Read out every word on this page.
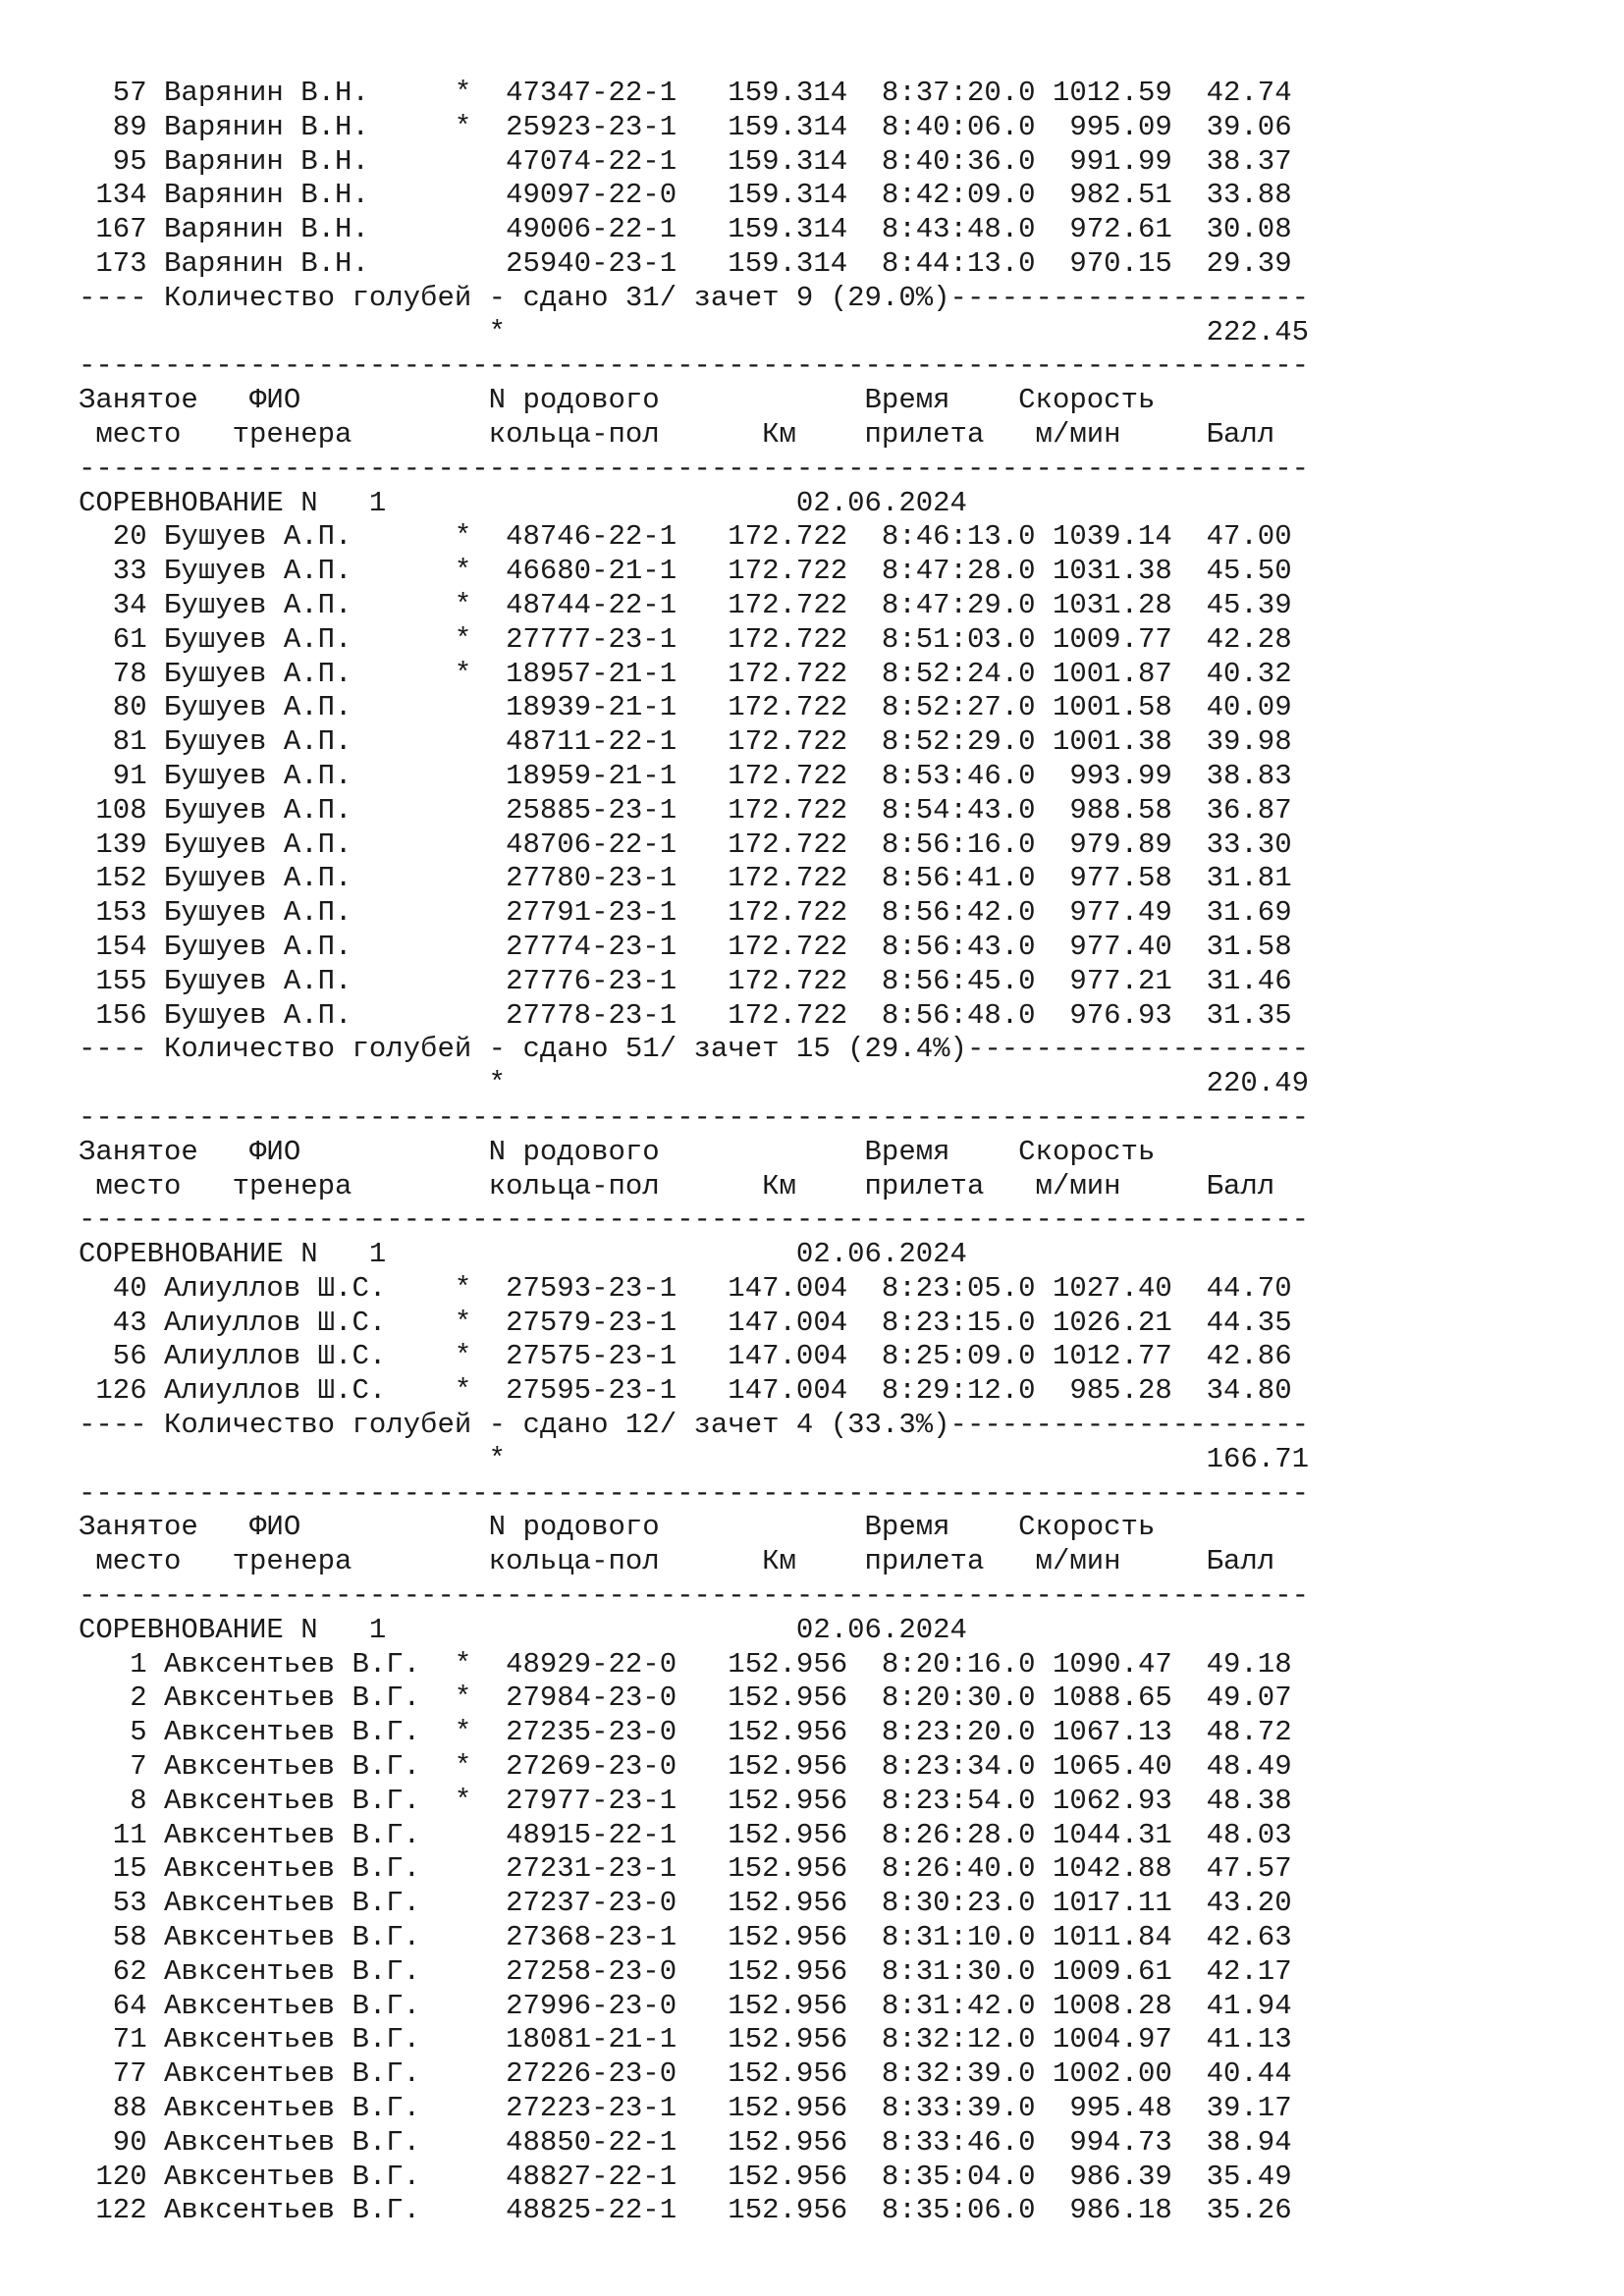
57 Варянин В.Н.     *  47347-22-1   159.314  8:37:20.0 1012.59  42.74
89 Варянин В.Н.     *  25923-23-1   159.314  8:40:06.0  995.09  39.06
95 Варянин В.Н.        47074-22-1   159.314  8:40:36.0  991.99  38.37
134 Варянин В.Н.        49097-22-0   159.314  8:42:09.0  982.51  33.88
167 Варянин В.Н.        49006-22-1   159.314  8:43:48.0  972.61  30.08
173 Варянин В.Н.        25940-23-1   159.314  8:44:13.0  970.15  29.39
---- Количество голубей - сдано 31/ зачет 9 (29.0%)---------------------
*                                         222.45
------------------------------------------------------------------------
Занятое   ФИО           N родового            Время    Скорость
место   тренера        кольца-пол      Км    прилета   м/мин     Балл
------------------------------------------------------------------------
СОРЕВНОВАНИЕ N   1                        02.06.2024
20 Бушуев А.П.      *  48746-22-1   172.722  8:46:13.0 1039.14  47.00
33 Бушуев А.П.      *  46680-21-1   172.722  8:47:28.0 1031.38  45.50
34 Бушуев А.П.      *  48744-22-1   172.722  8:47:29.0 1031.28  45.39
61 Бушуев А.П.      *  27777-23-1   172.722  8:51:03.0 1009.77  42.28
78 Бушуев А.П.      *  18957-21-1   172.722  8:52:24.0 1001.87  40.32
80 Бушуев А.П.         18939-21-1   172.722  8:52:27.0 1001.58  40.09
81 Бушуев А.П.         48711-22-1   172.722  8:52:29.0 1001.38  39.98
91 Бушуев А.П.         18959-21-1   172.722  8:53:46.0  993.99  38.83
108 Бушуев А.П.         25885-23-1   172.722  8:54:43.0  988.58  36.87
139 Бушуев А.П.         48706-22-1   172.722  8:56:16.0  979.89  33.30
152 Бушуев А.П.         27780-23-1   172.722  8:56:41.0  977.58  31.81
153 Бушуев А.П.         27791-23-1   172.722  8:56:42.0  977.49  31.69
154 Бушуев А.П.         27774-23-1   172.722  8:56:43.0  977.40  31.58
155 Бушуев А.П.         27776-23-1   172.722  8:56:45.0  977.21  31.46
156 Бушуев А.П.         27778-23-1   172.722  8:56:48.0  976.93  31.35
---- Количество голубей - сдано 51/ зачет 15 (29.4%)--------------------
*                                         220.49
------------------------------------------------------------------------
Занятое   ФИО           N родового            Время    Скорость
место   тренера        кольца-пол      Км    прилета   м/мин     Балл
------------------------------------------------------------------------
СОРЕВНОВАНИЕ N   1                        02.06.2024
40 Алиуллов Ш.С.    *  27593-23-1   147.004  8:23:05.0 1027.40  44.70
43 Алиуллов Ш.С.    *  27579-23-1   147.004  8:23:15.0 1026.21  44.35
56 Алиуллов Ш.С.    *  27575-23-1   147.004  8:25:09.0 1012.77  42.86
126 Алиуллов Ш.С.    *  27595-23-1   147.004  8:29:12.0  985.28  34.80
---- Количество голубей - сдано 12/ зачет 4 (33.3%)---------------------
*                                         166.71
------------------------------------------------------------------------
Занятое   ФИО           N родового            Время    Скорость
место   тренера        кольца-пол      Км    прилета   м/мин     Балл
------------------------------------------------------------------------
СОРЕВНОВАНИЕ N   1                        02.06.2024
1 Авксентьев В.Г.  *  48929-22-0   152.956  8:20:16.0 1090.47  49.18
2 Авксентьев В.Г.  *  27984-23-0   152.956  8:20:30.0 1088.65  49.07
5 Авксентьев В.Г.  *  27235-23-0   152.956  8:23:20.0 1067.13  48.72
7 Авксентьев В.Г.  *  27269-23-0   152.956  8:23:34.0 1065.40  48.49
8 Авксентьев В.Г.  *  27977-23-1   152.956  8:23:54.0 1062.93  48.38
11 Авксентьев В.Г.     48915-22-1   152.956  8:26:28.0 1044.31  48.03
15 Авксентьев В.Г.     27231-23-1   152.956  8:26:40.0 1042.88  47.57
53 Авксентьев В.Г.     27237-23-0   152.956  8:30:23.0 1017.11  43.20
58 Авксентьев В.Г.     27368-23-1   152.956  8:31:10.0 1011.84  42.63
62 Авксентьев В.Г.     27258-23-0   152.956  8:31:30.0 1009.61  42.17
64 Авксентьев В.Г.     27996-23-0   152.956  8:31:42.0 1008.28  41.94
71 Авксентьев В.Г.     18081-21-1   152.956  8:32:12.0 1004.97  41.13
77 Авксентьев В.Г.     27226-23-0   152.956  8:32:39.0 1002.00  40.44
88 Авксентьев В.Г.     27223-23-1   152.956  8:33:39.0  995.48  39.17
90 Авксентьев В.Г.     48850-22-1   152.956  8:33:46.0  994.73  38.94
120 Авксентьев В.Г.     48827-22-1   152.956  8:35:04.0  986.39  35.49
122 Авксентьев В.Г.     48825-22-1   152.956  8:35:06.0  986.18  35.26
